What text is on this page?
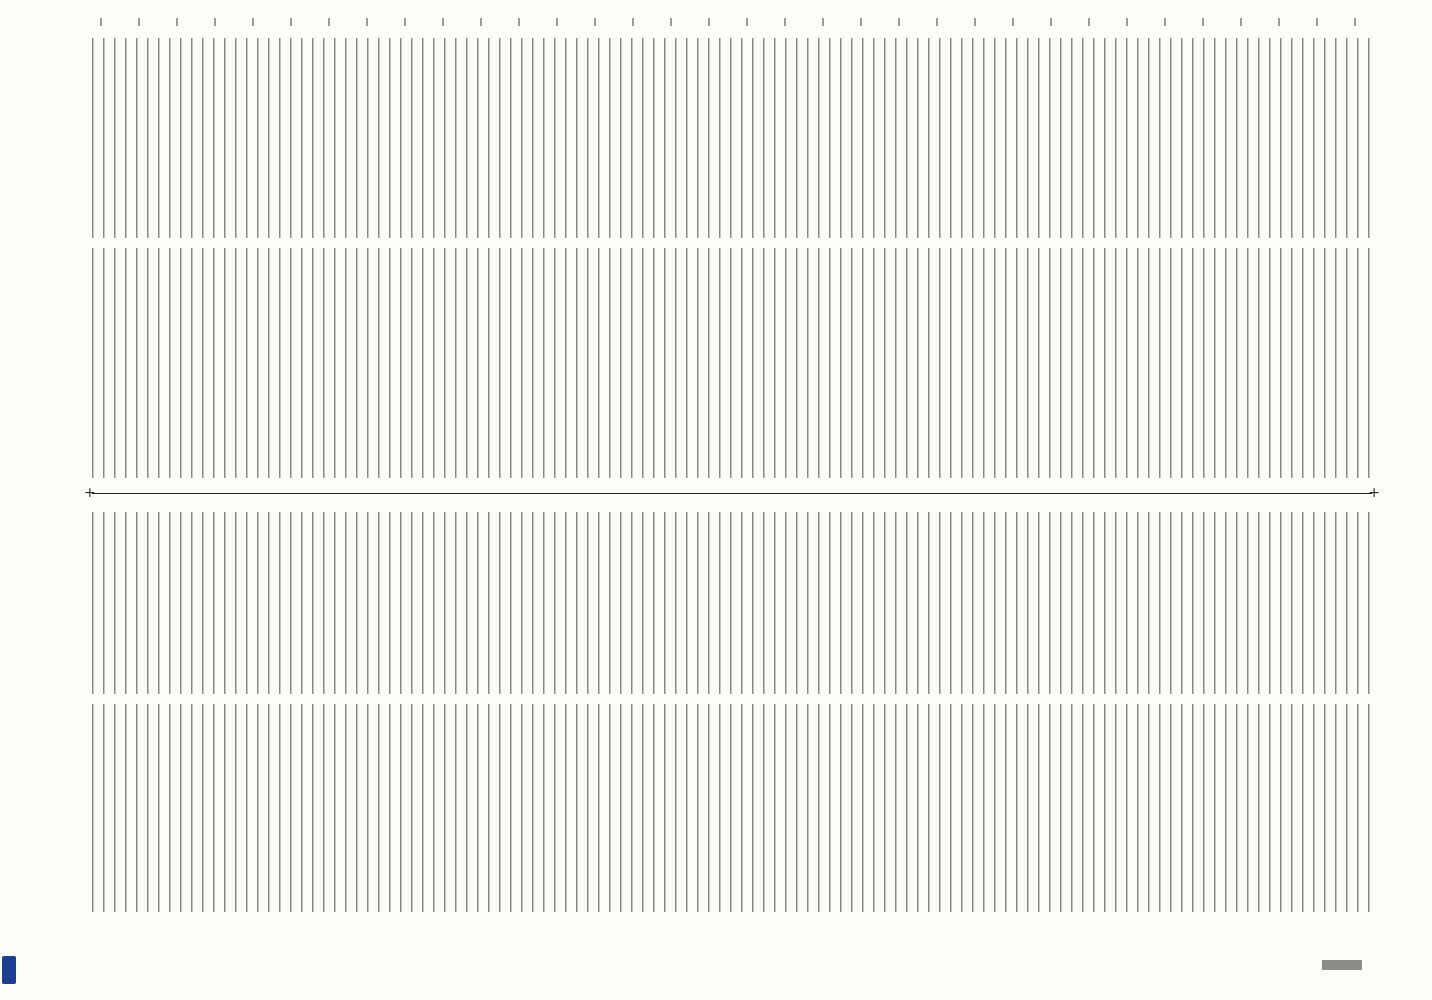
+	+
